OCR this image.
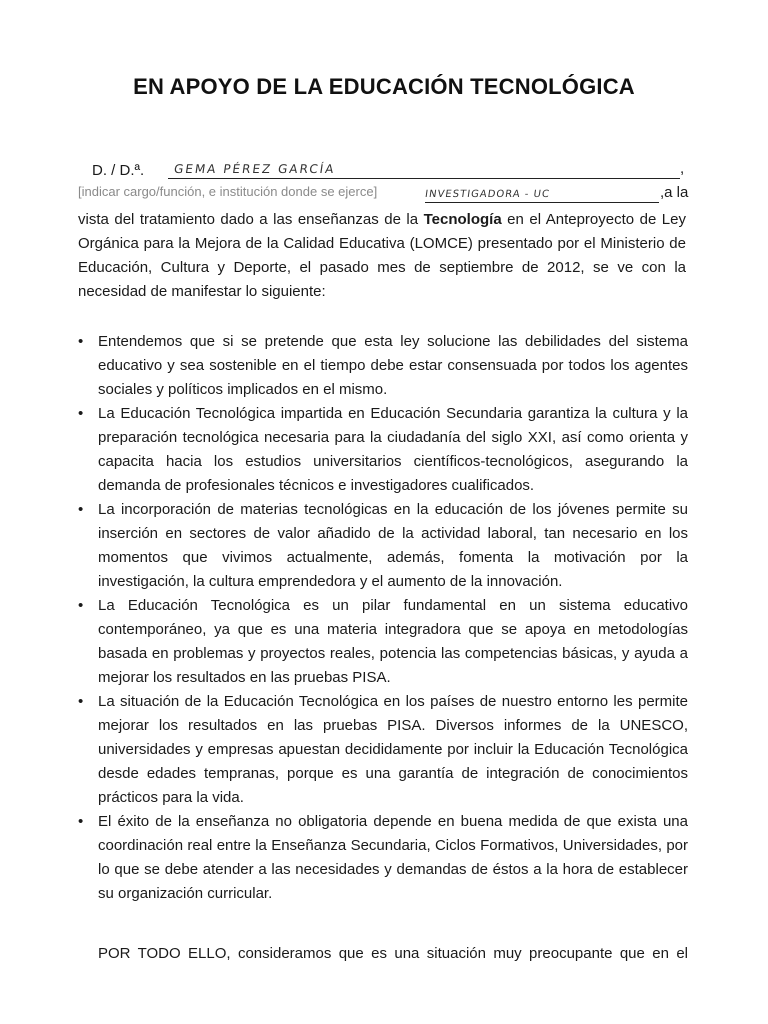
EN APOYO DE LA EDUCACIÓN TECNOLÓGICA
D. / D.ª.	GEMA PÉREZ GARCÍA	,
[indicar cargo/función, e institución donde se ejerce]	INVESTIGADORA - UC	,a la
vista del tratamiento dado a las enseñanzas de la Tecnología en el Anteproyecto de Ley
Orgánica para la Mejora de la Calidad Educativa (LOMCE) presentado por el Ministerio de
Educación, Cultura y Deporte, el pasado mes de septiembre de 2012, se ve con la
necesidad de manifestar lo siguiente:
• Entendemos que si se pretende que esta ley solucione las debilidades del sistema educativo y sea sostenible en el tiempo debe estar consensuada por todos los agentes sociales y políticos implicados en el mismo.
• La Educación Tecnológica impartida en Educación Secundaria garantiza la cultura y la preparación tecnológica necesaria para la ciudadanía del siglo XXI, así como orienta y capacita hacia los estudios universitarios científicos-tecnológicos, asegurando la demanda de profesionales técnicos e investigadores cualificados.
• La incorporación de materias tecnológicas en la educación de los jóvenes permite su inserción en sectores de valor añadido de la actividad laboral, tan necesario en los momentos que vivimos actualmente, además, fomenta la motivación por la investigación, la cultura emprendedora y el aumento de la innovación.
• La Educación Tecnológica es un pilar fundamental en un sistema educativo contemporáneo, ya que es una materia integradora que se apoya en metodologías basada en problemas y proyectos reales, potencia las competencias básicas, y ayuda a mejorar los resultados en las pruebas PISA.
• La situación de la Educación Tecnológica en los países de nuestro entorno les permite mejorar los resultados en las pruebas PISA. Diversos informes de la UNESCO, universidades y empresas apuestan decididamente por incluir la Educación Tecnológica desde edades tempranas, porque es una garantía de integración de conocimientos prácticos para la vida.
• El éxito de la enseñanza no obligatoria depende en buena medida de que exista una coordinación real entre la Enseñanza Secundaria, Ciclos Formativos, Universidades, por lo que se debe atender a las necesidades y demandas de éstos a la hora de establecer su organización curricular.
POR TODO ELLO, consideramos que es una situación muy preocupante que en el
